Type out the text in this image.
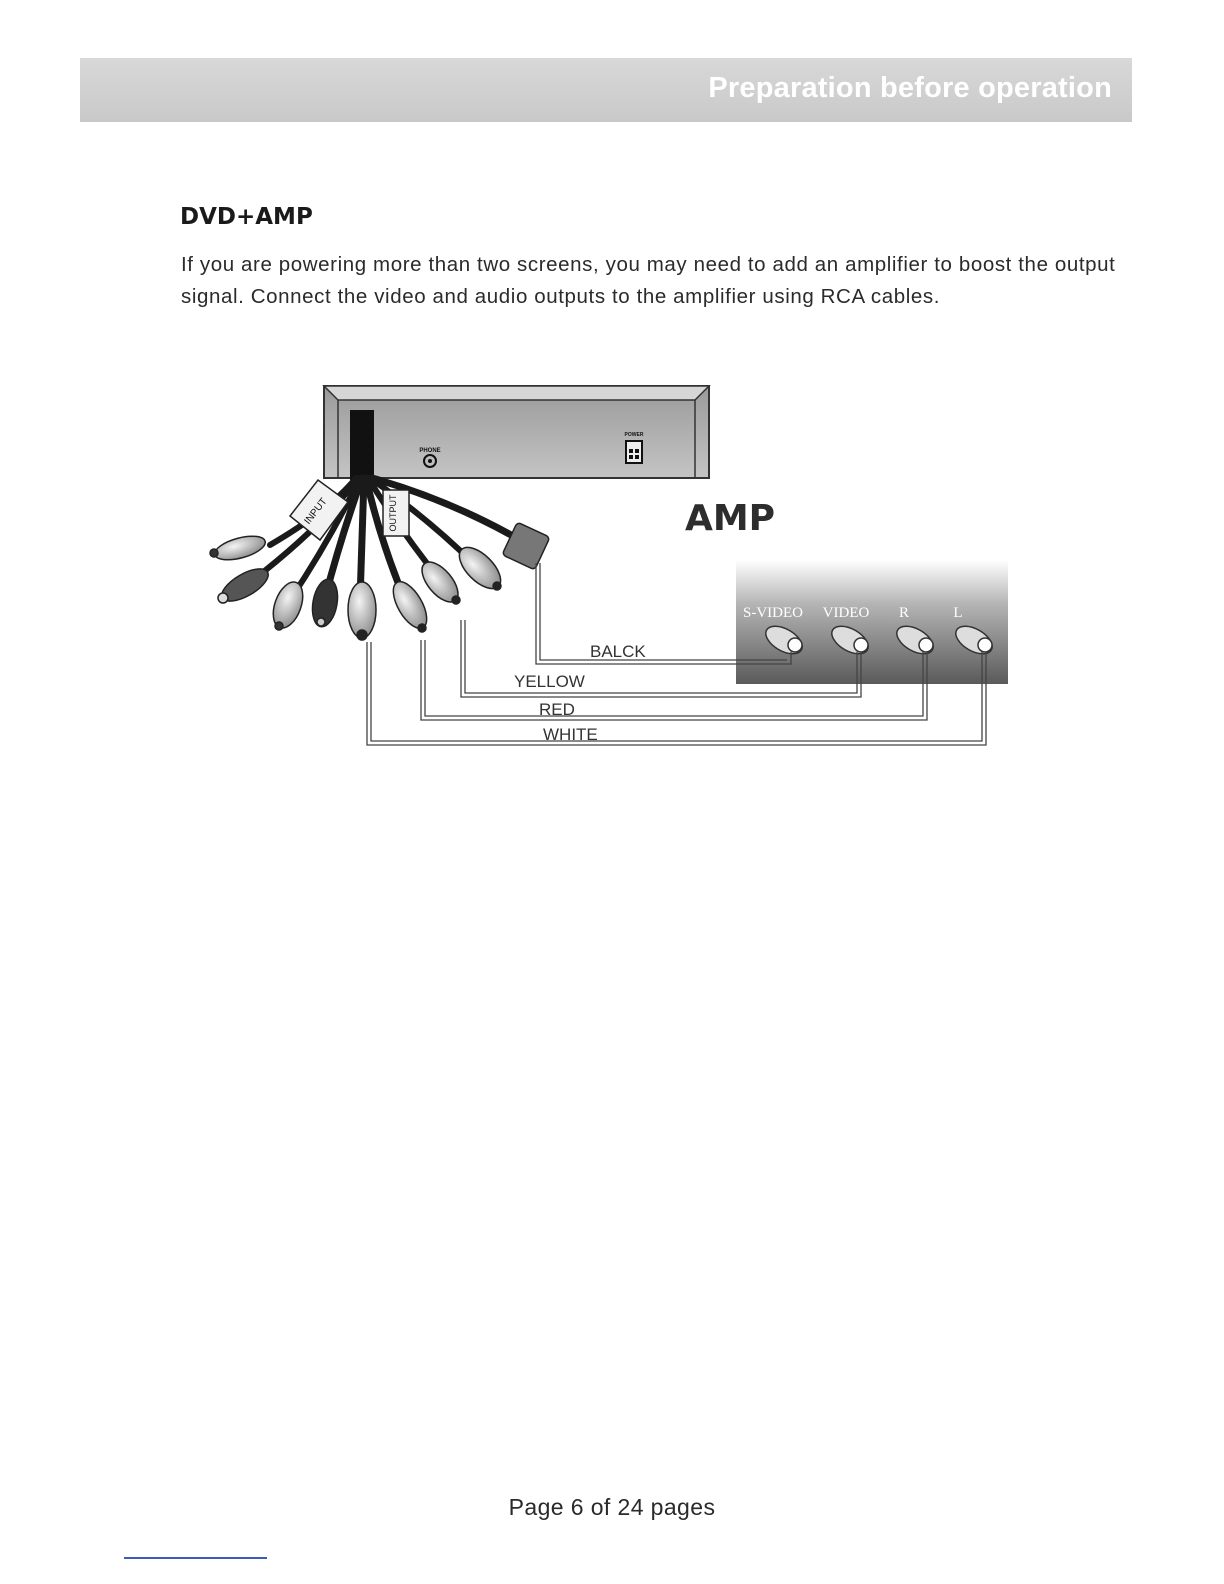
Preparation before operation
DVD+AMP

If you are powering more than two screens, you may need to add an amplifier to boost the output signal. Connect the video and audio outputs to the amplifier using RCA cables.

PHONE
POWER
INPUT	OUTPUT	AMP
S-VIDEO VIDEO R	L
BALCK
YELLOW
RED
WHITE
Page 6 of 24 pages
